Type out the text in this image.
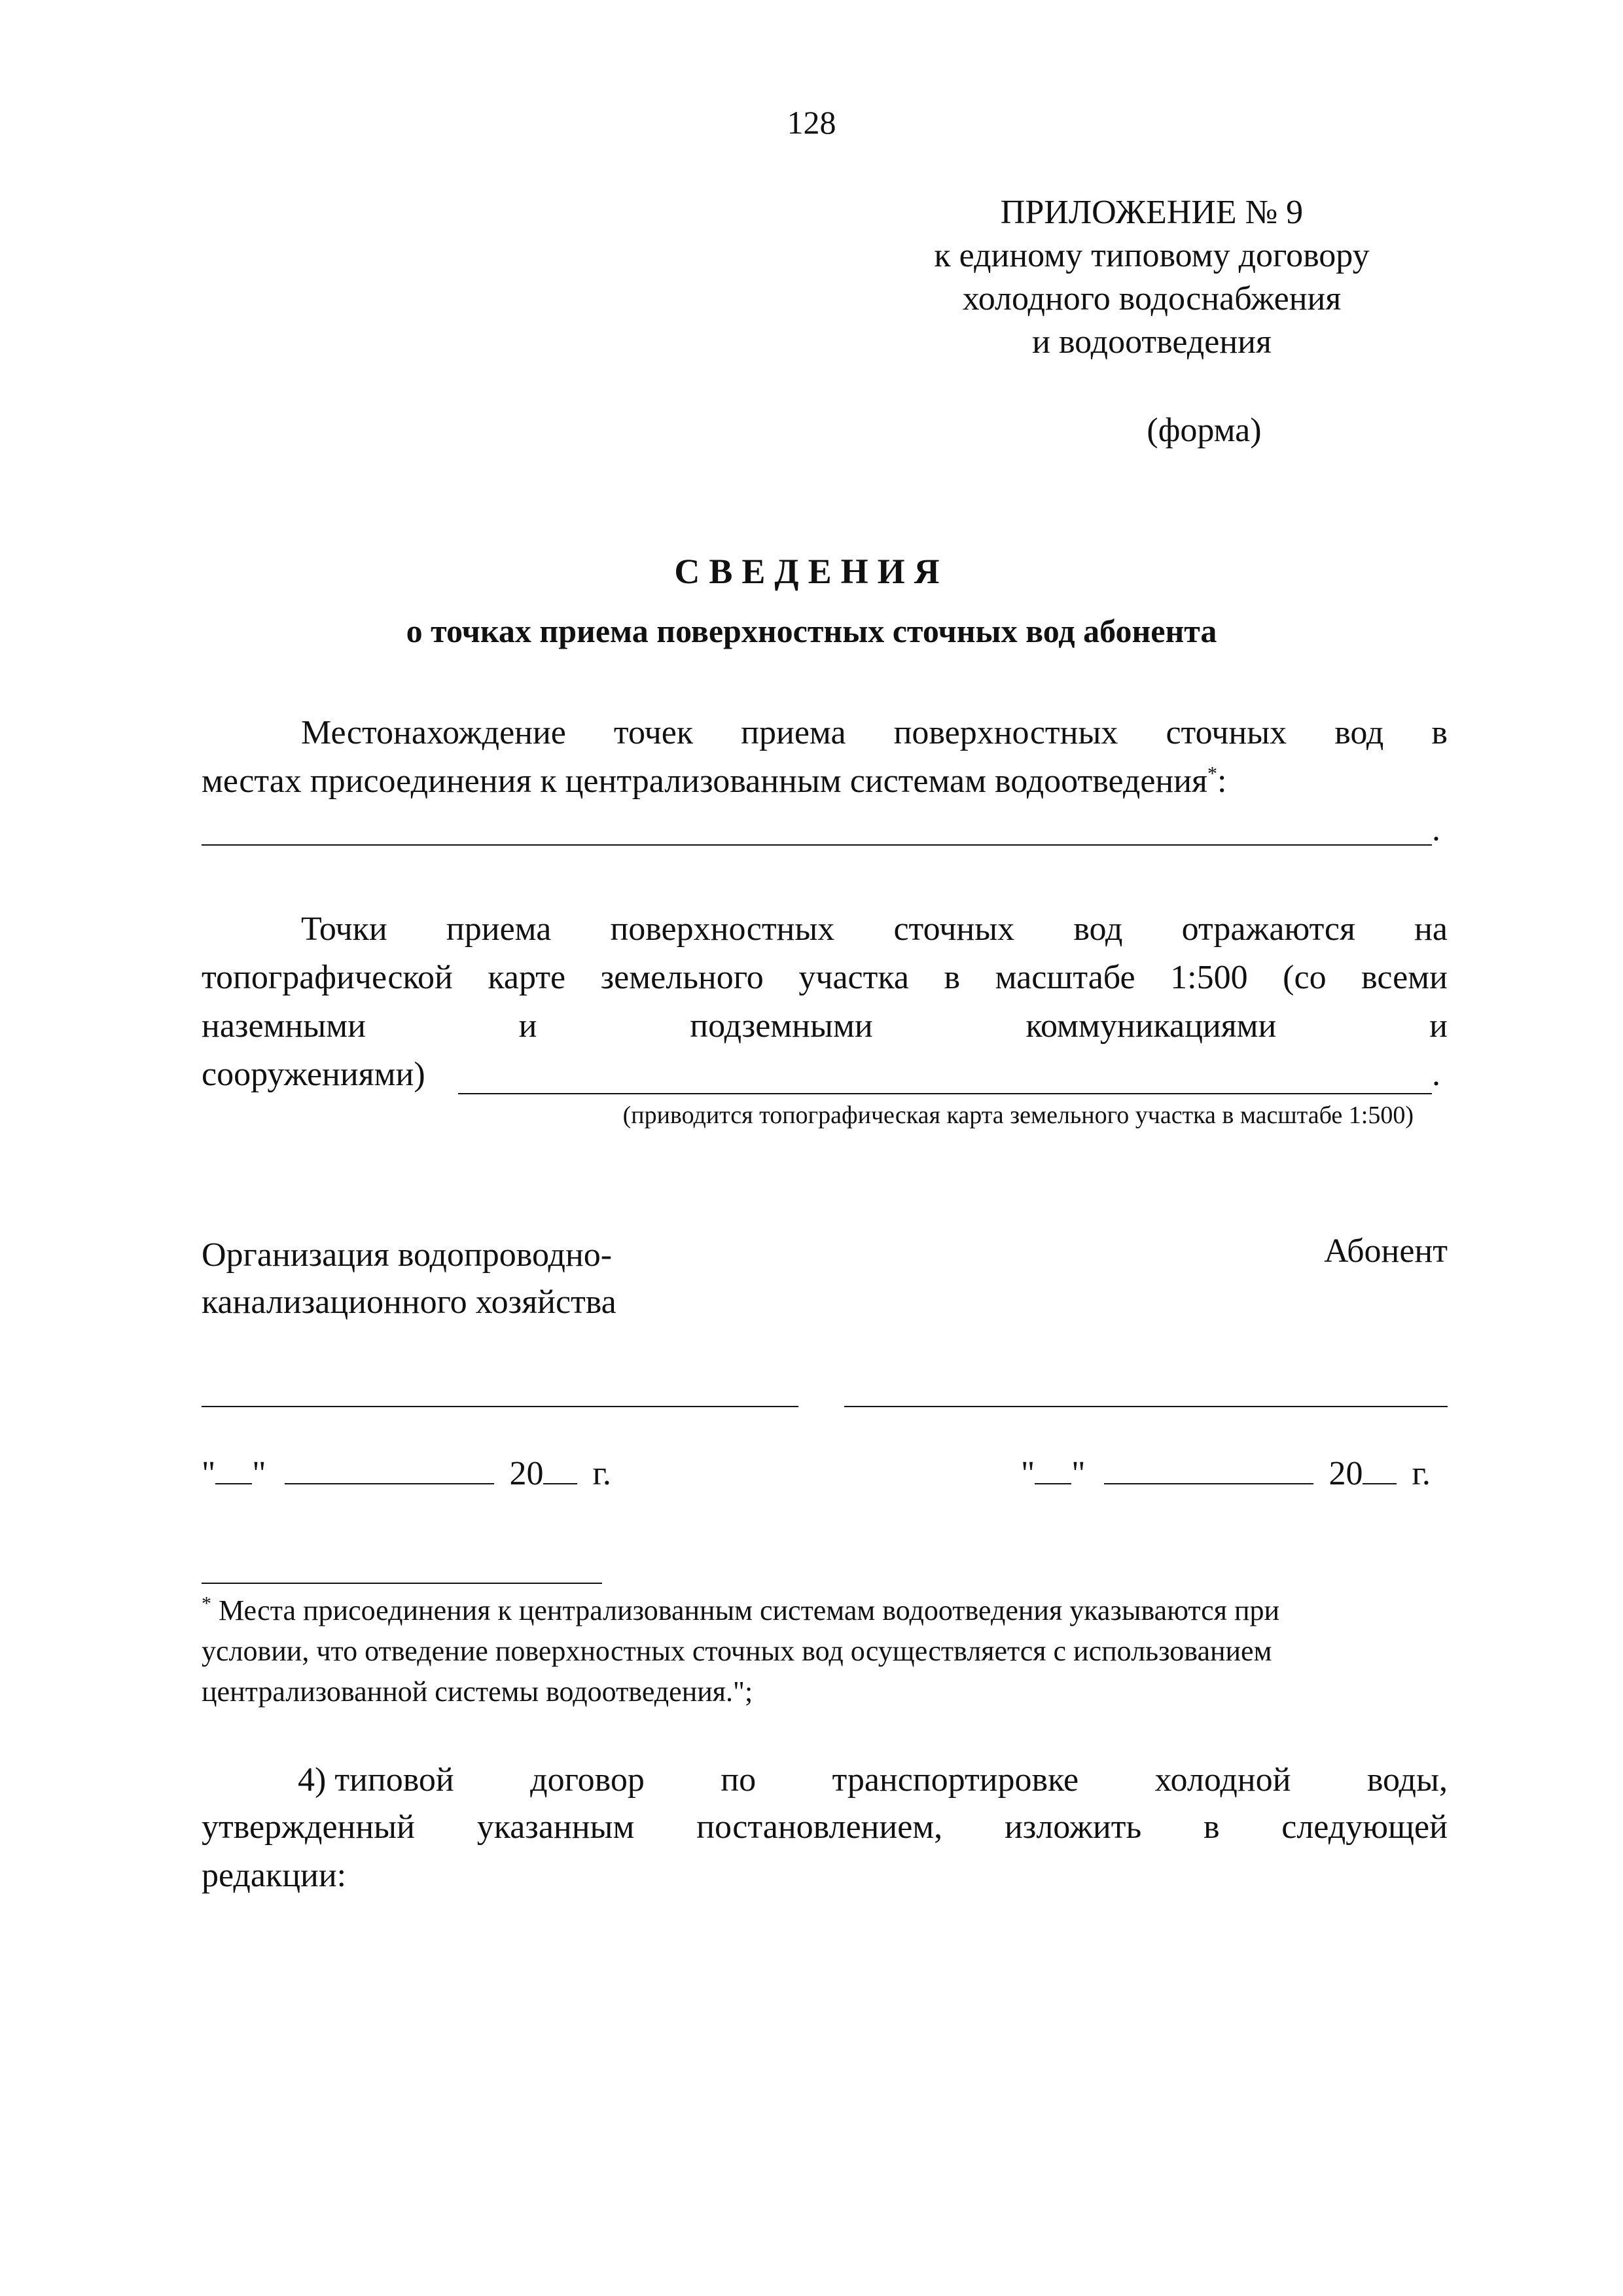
128
ПРИЛОЖЕНИЕ № 9
к единому типовому договору
холодного водоснабжения
и водоотведения
(форма)
СВЕДЕНИЯ
о точках приема поверхностных сточных вод абонента
Местонахождение точек приема поверхностных сточных вод в
местах присоединения к централизованным системам водоотведения*:
.
Точки приема поверхностных сточных вод отражаются на
топографической карте земельного участка в масштабе 1:500 (со всеми
наземными	и	подземными	коммуникациями	и
сооружениями)	.
(приводится топографическая карта земельного участка в масштабе 1:500)
Организация водопроводно-
канализационного хозяйства
Абонент
" "	20 г.	" "	20 г.
* Места присоединения к централизованным системам водоотведения указываются при
условии, что отведение поверхностных сточных вод осуществляется с использованием
централизованной системы водоотведения.";
4) типовой договор по транспортировке холодной воды,
утвержденный указанным постановлением, изложить в следующей
редакции:
